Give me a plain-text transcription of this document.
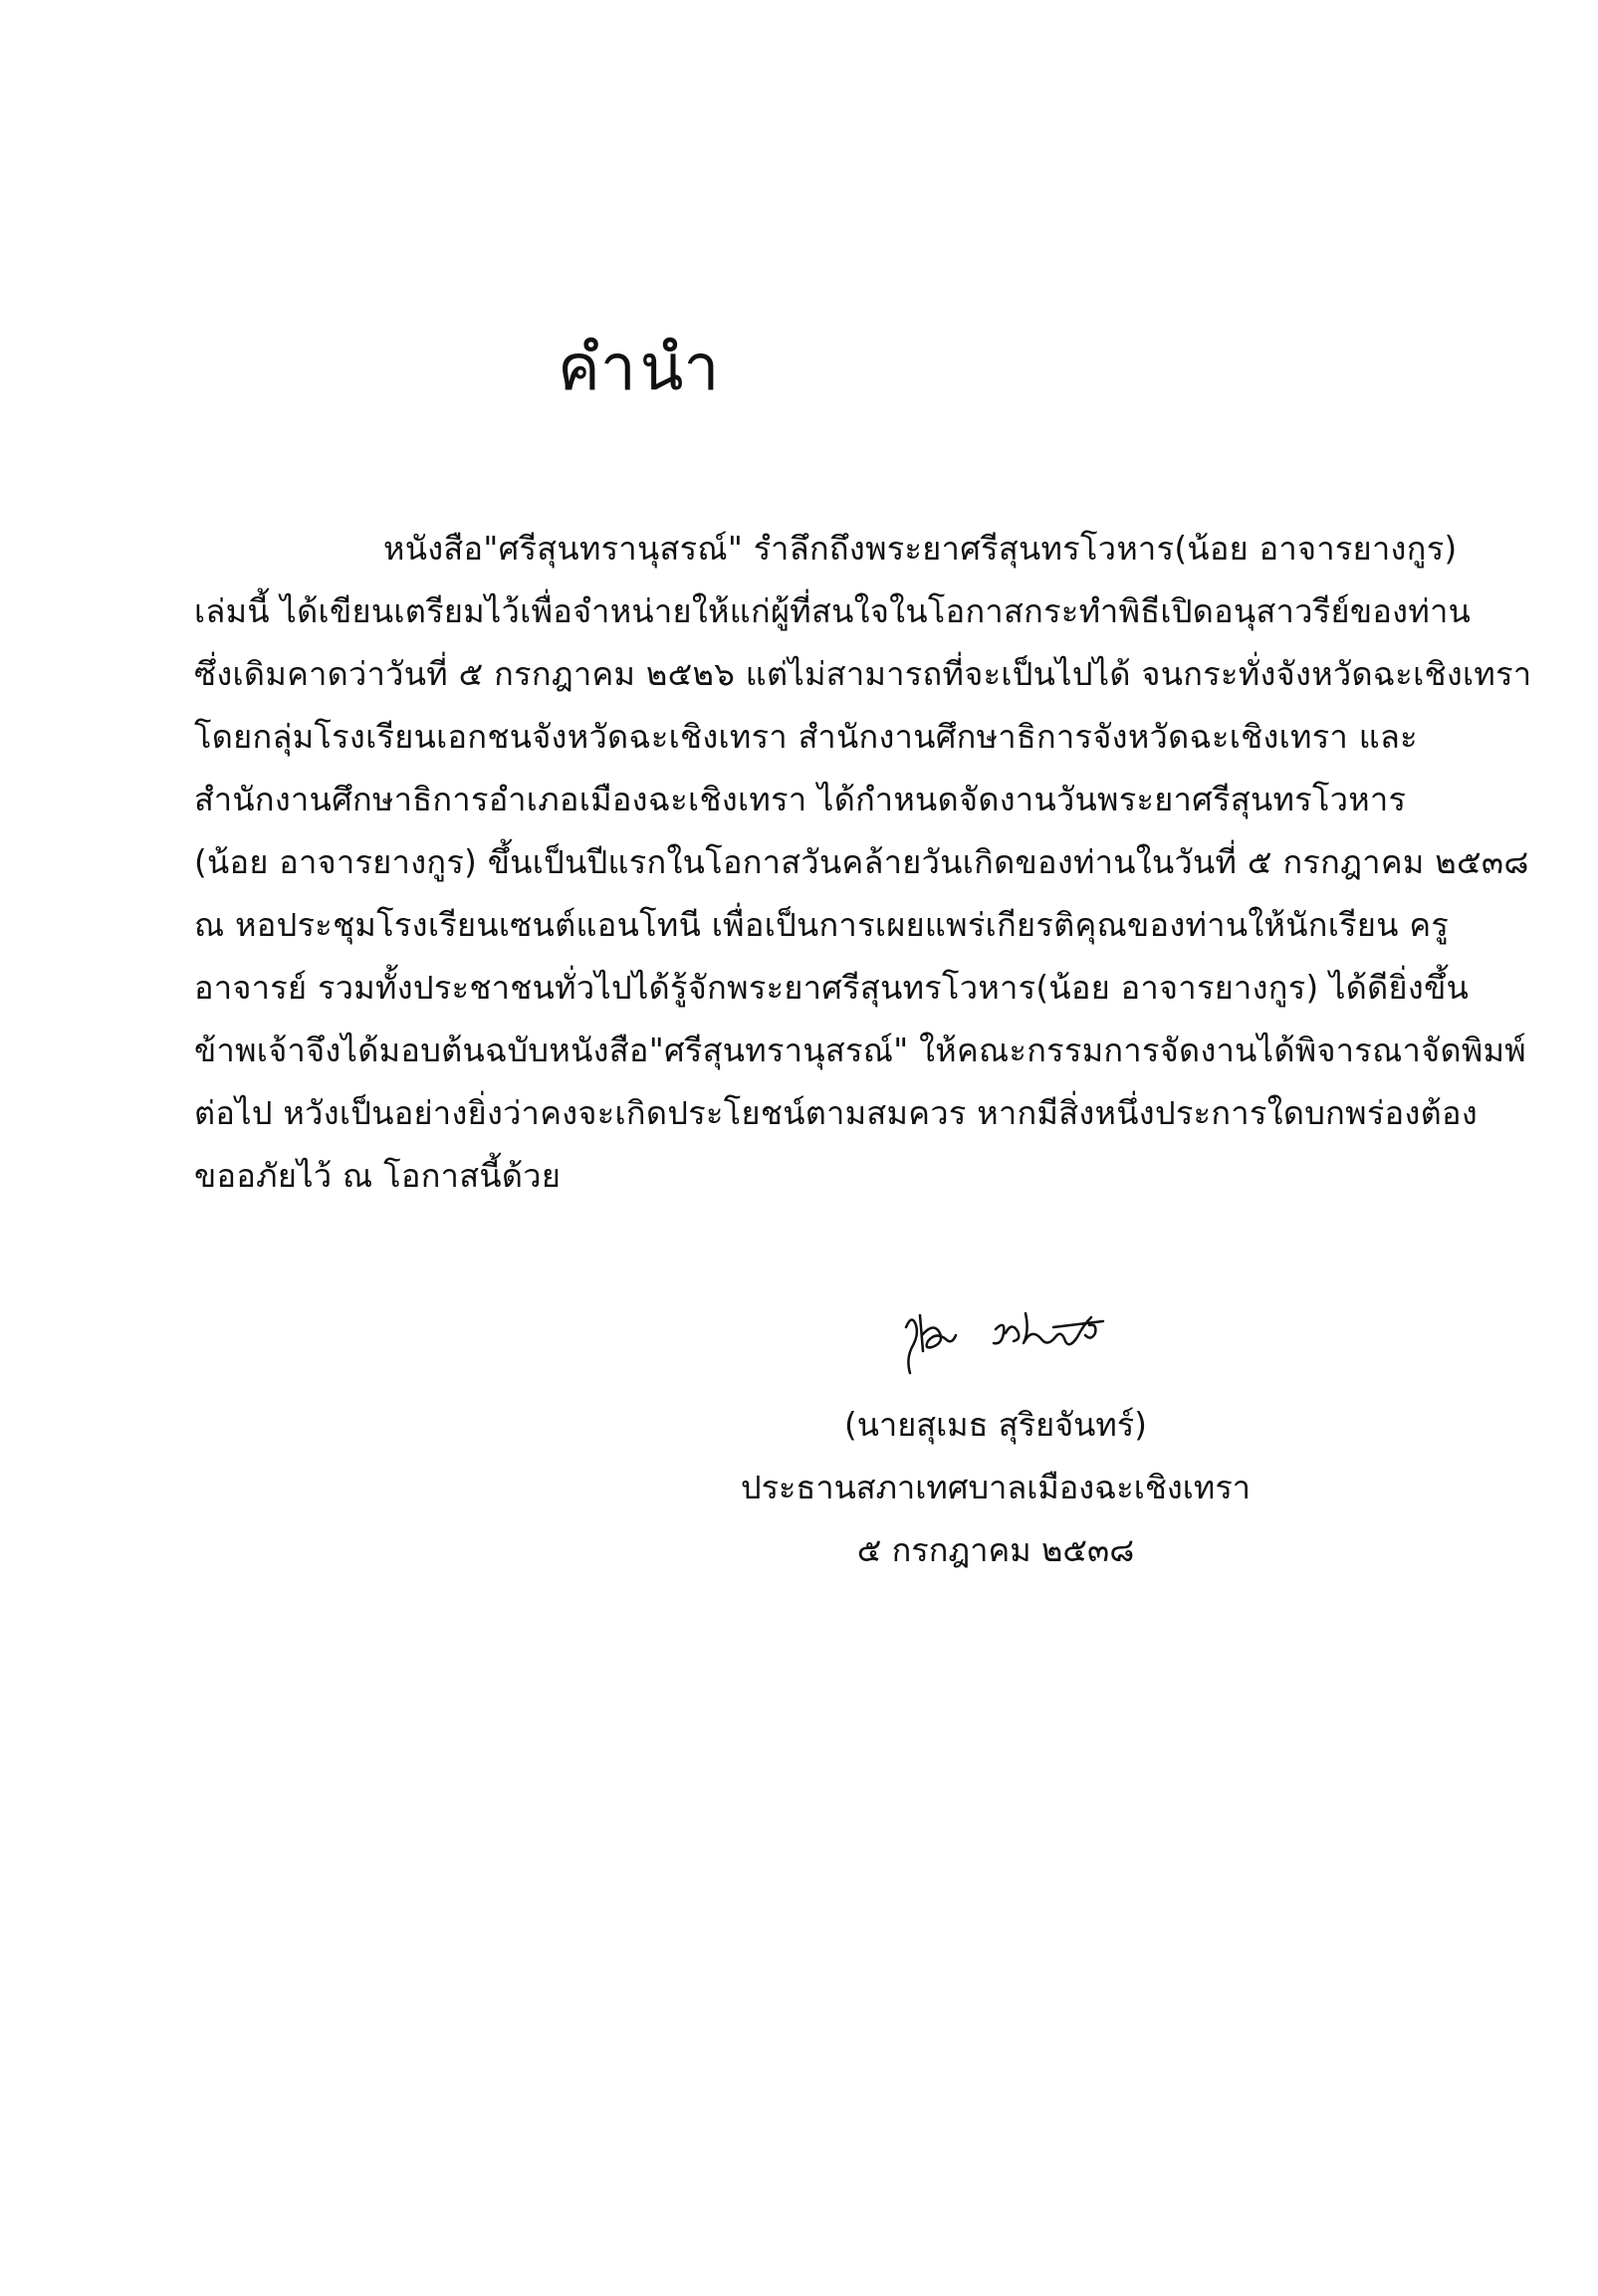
คำนำ
หนังสือ"ศรีสุนทรานุสรณ์" รำลึกถึงพระยาศรีสุนทรโวหาร(น้อย อาจารยางกูร)
เล่มนี้ ได้เขียนเตรียมไว้เพื่อจำหน่ายให้แก่ผู้ที่สนใจในโอกาสกระทำพิธีเปิดอนุสาวรีย์ของท่าน
ซึ่งเดิมคาดว่าวันที่ ๕ กรกฎาคม ๒๕๒๖ แต่ไม่สามารถที่จะเป็นไปได้ จนกระทั่งจังหวัดฉะเชิงเทรา
โดยกลุ่มโรงเรียนเอกชนจังหวัดฉะเชิงเทรา สำนักงานศึกษาธิการจังหวัดฉะเชิงเทรา และ
สำนักงานศึกษาธิการอำเภอเมืองฉะเชิงเทรา ได้กำหนดจัดงานวันพระยาศรีสุนทรโวหาร
(น้อย อาจารยางกูร) ขึ้นเป็นปีแรกในโอกาสวันคล้ายวันเกิดของท่านในวันที่ ๕ กรกฎาคม ๒๕๓๘
ณ หอประชุมโรงเรียนเซนต์แอนโทนี เพื่อเป็นการเผยแพร่เกียรติคุณของท่านให้นักเรียน ครู
อาจารย์ รวมทั้งประชาชนทั่วไปได้รู้จักพระยาศรีสุนทรโวหาร(น้อย อาจารยางกูร) ได้ดียิ่งขึ้น
ข้าพเจ้าจึงได้มอบต้นฉบับหนังสือ"ศรีสุนทรานุสรณ์" ให้คณะกรรมการจัดงานได้พิจารณาจัดพิมพ์
ต่อไป หวังเป็นอย่างยิ่งว่าคงจะเกิดประโยชน์ตามสมควร หากมีสิ่งหนึ่งประการใดบกพร่องต้อง
ขออภัยไว้ ณ โอกาสนี้ด้วย
(นายสุเมธ สุริยจันทร์)
ประธานสภาเทศบาลเมืองฉะเชิงเทรา
๕ กรกฎาคม ๒๕๓๘
